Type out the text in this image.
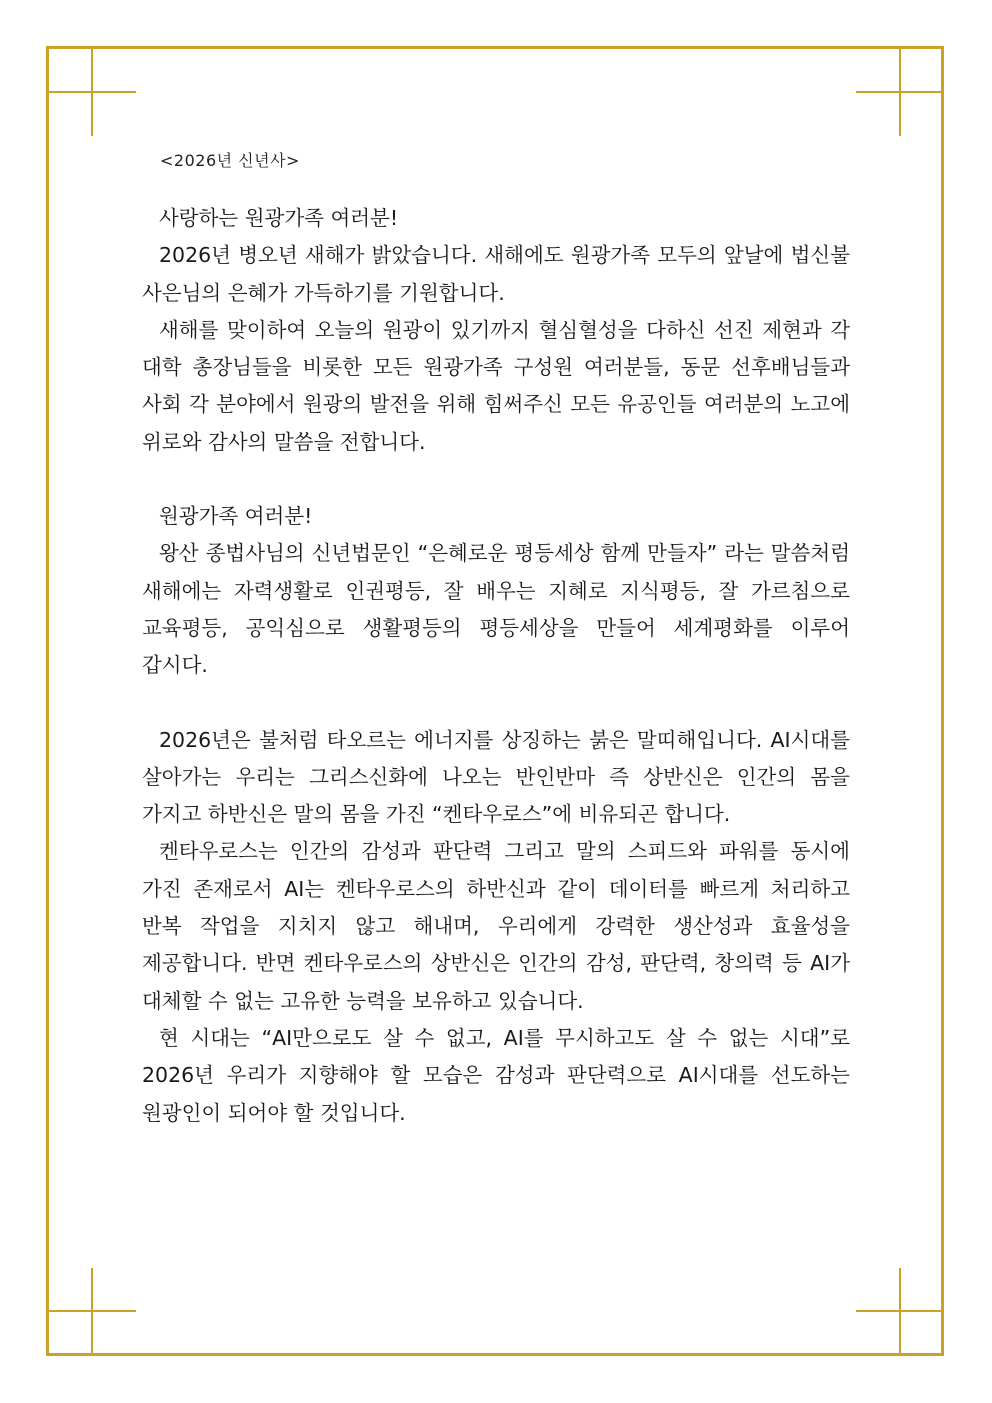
<2026년 신년사>

사랑하는 원광가족 여러분!

2026년 병오년 새해가 밝았습니다. 새해에도 원광가족 모두의 앞날에 법신불 사은님의 은혜가 가득하기를 기원합니다.

새해를 맞이하여 오늘의 원광이 있기까지 혈심혈성을 다하신 선진 제현과 각 대학 총장님들을 비롯한 모든 원광가족 구성원 여러분들, 동문 선후배님들과 사회 각 분야에서 원광의 발전을 위해 힘써주신 모든 유공인들 여러분의 노고에 위로와 감사의 말씀을 전합니다.

원광가족 여러분!

왕산 종법사님의 신년법문인 “은혜로운 평등세상 함께 만들자” 라는 말씀처럼 새해에는 자력생활로 인권평등, 잘 배우는 지혜로 지식평등, 잘 가르침으로 교육평등, 공익심으로 생활평등의 평등세상을 만들어 세계평화를 이루어 갑시다.

2026년은 불처럼 타오르는 에너지를 상징하는 붉은 말띠해입니다. AI시대를 살아가는 우리는 그리스신화에 나오는 반인반마 즉 상반신은 인간의 몸을 가지고 하반신은 말의 몸을 가진 “켄타우로스”에 비유되곤 합니다.

켄타우로스는 인간의 감성과 판단력 그리고 말의 스피드와 파워를 동시에 가진 존재로서 AI는 켄타우로스의 하반신과 같이 데이터를 빠르게 처리하고 반복 작업을 지치지 않고 해내며, 우리에게 강력한 생산성과 효율성을 제공합니다. 반면 켄타우로스의 상반신은 인간의 감성, 판단력, 창의력 등 AI가 대체할 수 없는 고유한 능력을 보유하고 있습니다.

현 시대는 “AI만으로도 살 수 없고, AI를 무시하고도 살 수 없는 시대”로 2026년 우리가 지향해야 할 모습은 감성과 판단력으로 AI시대를 선도하는 원광인이 되어야 할 것입니다.
